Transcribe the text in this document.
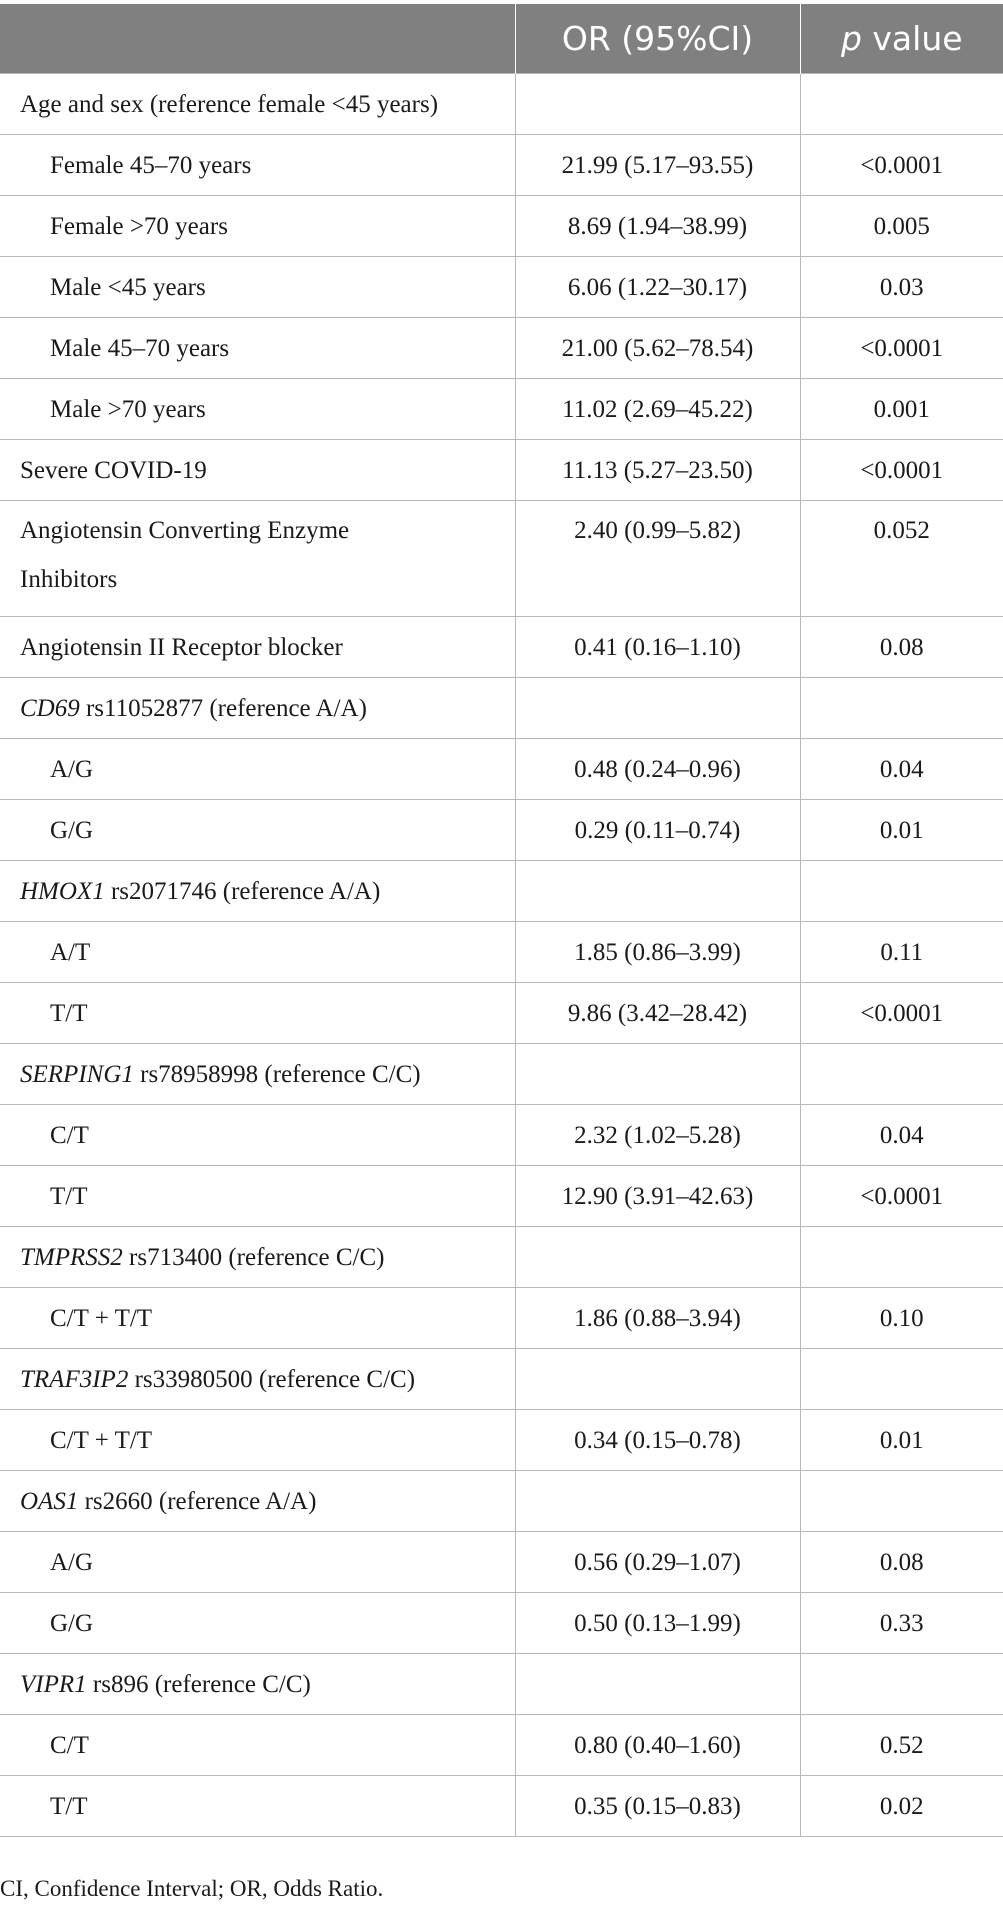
	OR (95%CI)	p value
Age and sex (reference female <45 years)		
Female 45–70 years	21.99 (5.17–93.55)	<0.0001
Female >70 years	8.69 (1.94–38.99)	0.005
Male <45 years	6.06 (1.22–30.17)	0.03
Male 45–70 years	21.00 (5.62–78.54)	<0.0001
Male >70 years	11.02 (2.69–45.22)	0.001
Severe COVID-19	11.13 (5.27–23.50)	<0.0001
Angiotensin Converting Enzyme
Inhibitors	2.40 (0.99–5.82)	0.052
Angiotensin II Receptor blocker	0.41 (0.16–1.10)	0.08
CD69 rs11052877 (reference A/A)		
A/G	0.48 (0.24–0.96)	0.04
G/G	0.29 (0.11–0.74)	0.01
HMOX1 rs2071746 (reference A/A)		
A/T	1.85 (0.86–3.99)	0.11
T/T	9.86 (3.42–28.42)	<0.0001
SERPING1 rs78958998 (reference C/C)		
C/T	2.32 (1.02–5.28)	0.04
T/T	12.90 (3.91–42.63)	<0.0001
TMPRSS2 rs713400 (reference C/C)		
C/T + T/T	1.86 (0.88–3.94)	0.10
TRAF3IP2 rs33980500 (reference C/C)		
C/T + T/T	0.34 (0.15–0.78)	0.01
OAS1 rs2660 (reference A/A)		
A/G	0.56 (0.29–1.07)	0.08
G/G	0.50 (0.13–1.99)	0.33
VIPR1 rs896 (reference C/C)		
C/T	0.80 (0.40–1.60)	0.52
T/T	0.35 (0.15–0.83)	0.02
CI, Confidence Interval; OR, Odds Ratio.
